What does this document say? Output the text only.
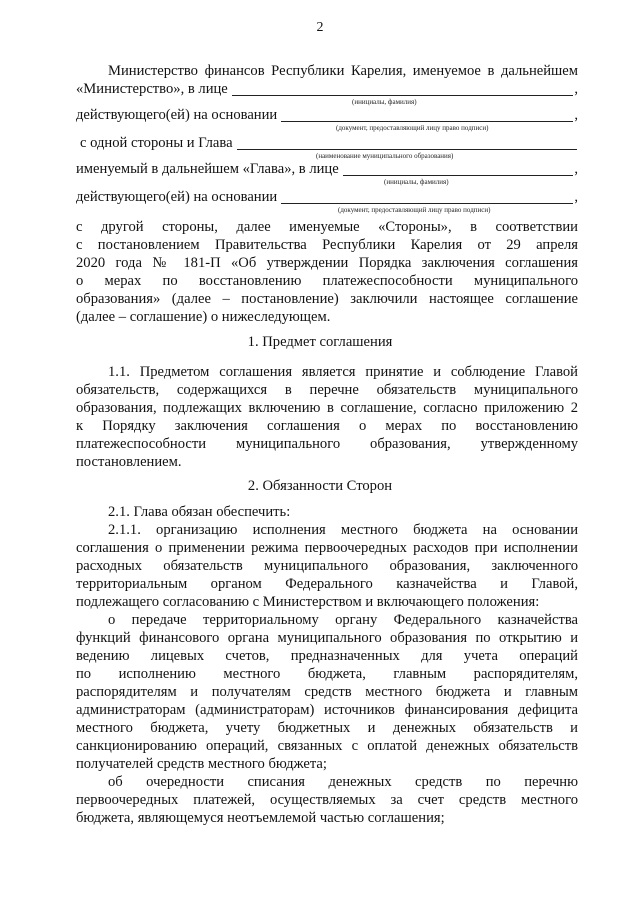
2
Министерство финансов Республики Карелия, именуемое в дальнейшем
«Министерство», в лице	,
(инициалы, фамилия)
действующего(ей) на основании	,
(документ, предоставляющий лицу право подписи)
с одной стороны и Глава
(наименование муниципального образования)
именуемый в дальнейшем «Глава», в лице	,
(инициалы, фамилия)
действующего(ей) на основании	,
(документ, предоставляющий лицу право подписи)
с другой стороны, далее именуемые «Стороны», в соответствии
с постановлением Правительства Республики Карелия от 29 апреля
2020 года № 181-П «Об утверждении Порядка заключения соглашения
о мерах по восстановлению платежеспособности муниципального
образования» (далее – постановление) заключили настоящее соглашение
(далее – соглашение) о нижеследующем.
1. Предмет соглашения
1.1. Предметом соглашения является принятие и соблюдение Главой
обязательств, содержащихся в перечне обязательств муниципального
образования, подлежащих включению в соглашение, согласно приложению 2
к Порядку заключения соглашения о мерах по восстановлению
платежеспособности муниципального образования, утвержденному
постановлением.
2. Обязанности Сторон
2.1. Глава обязан обеспечить:
2.1.1. организацию исполнения местного бюджета на основании
соглашения о применении режима первоочередных расходов при исполнении
расходных обязательств муниципального образования, заключенного
территориальным органом Федерального казначейства и Главой,
подлежащего согласованию с Министерством и включающего положения:
о передаче территориальному органу Федерального казначейства
функций финансового органа муниципального образования по открытию и
ведению лицевых счетов, предназначенных для учета операций
по исполнению местного бюджета, главным распорядителям,
распорядителям и получателям средств местного бюджета и главным
администраторам (администраторам) источников финансирования дефицита
местного бюджета, учету бюджетных и денежных обязательств и
санкционированию операций, связанных с оплатой денежных обязательств
получателей средств местного бюджета;
об очередности списания денежных средств по перечню
первоочередных платежей, осуществляемых за счет средств местного
бюджета, являющемуся неотъемлемой частью соглашения;
